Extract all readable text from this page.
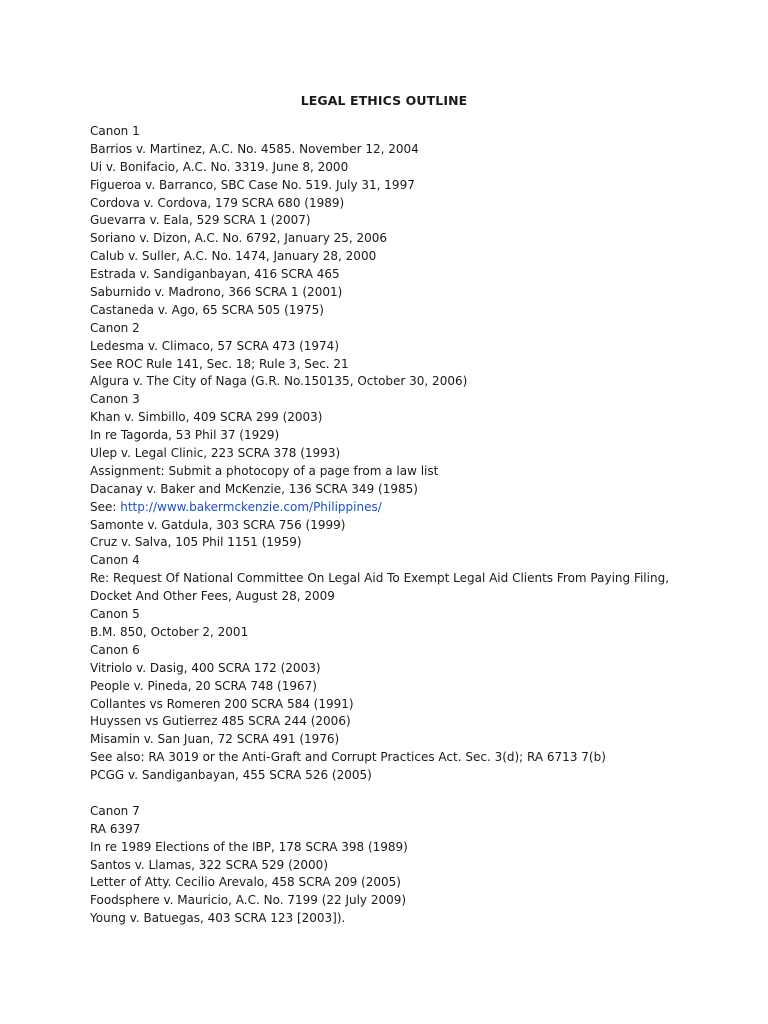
LEGAL ETHICS OUTLINE
Canon 1
Barrios v. Martinez, A.C. No. 4585. November 12, 2004
Ui v. Bonifacio, A.C. No. 3319. June 8, 2000
Figueroa v. Barranco, SBC Case No. 519. July 31, 1997
Cordova v. Cordova, 179 SCRA 680 (1989)
Guevarra v. Eala, 529 SCRA 1 (2007)
Soriano v. Dizon, A.C. No. 6792, January 25, 2006
Calub v. Suller, A.C. No. 1474, January 28, 2000
Estrada v. Sandiganbayan, 416 SCRA 465
Saburnido v. Madrono, 366 SCRA 1 (2001)
Castaneda v. Ago, 65 SCRA 505 (1975)
Canon 2
Ledesma v. Climaco, 57 SCRA 473 (1974)
See ROC Rule 141, Sec. 18; Rule 3, Sec. 21
Algura v. The City of Naga (G.R. No.150135, October 30, 2006)
Canon 3
Khan v. Simbillo, 409 SCRA 299 (2003)
In re Tagorda, 53 Phil 37 (1929)
Ulep v. Legal Clinic, 223 SCRA 378 (1993)
Assignment: Submit a photocopy of a page from a law list
Dacanay v. Baker and McKenzie, 136 SCRA 349 (1985)
See: http://www.bakermckenzie.com/Philippines/
Samonte v. Gatdula, 303 SCRA 756 (1999)
Cruz v. Salva, 105 Phil 1151 (1959)
Canon 4
Re: Request Of National Committee On Legal Aid To Exempt Legal Aid Clients From Paying Filing, Docket And Other Fees, August 28, 2009
Canon 5
B.M. 850, October 2, 2001
Canon 6
Vitriolo v. Dasig, 400 SCRA 172 (2003)
People v. Pineda, 20 SCRA 748 (1967)
Collantes vs Romeren 200 SCRA 584 (1991)
Huyssen vs Gutierrez 485 SCRA 244 (2006)
Misamin v. San Juan, 72 SCRA 491 (1976)
See also: RA 3019 or the Anti-Graft and Corrupt Practices Act. Sec. 3(d); RA 6713 7(b)
PCGG v. Sandiganbayan, 455 SCRA 526 (2005)
Canon 7
RA 6397
In re 1989 Elections of the IBP, 178 SCRA 398 (1989)
Santos v. Llamas, 322 SCRA 529 (2000)
Letter of Atty. Cecilio Arevalo, 458 SCRA 209 (2005)
Foodsphere v. Mauricio, A.C. No. 7199 (22 July 2009)
Young v. Batuegas, 403 SCRA 123 [2003]).
